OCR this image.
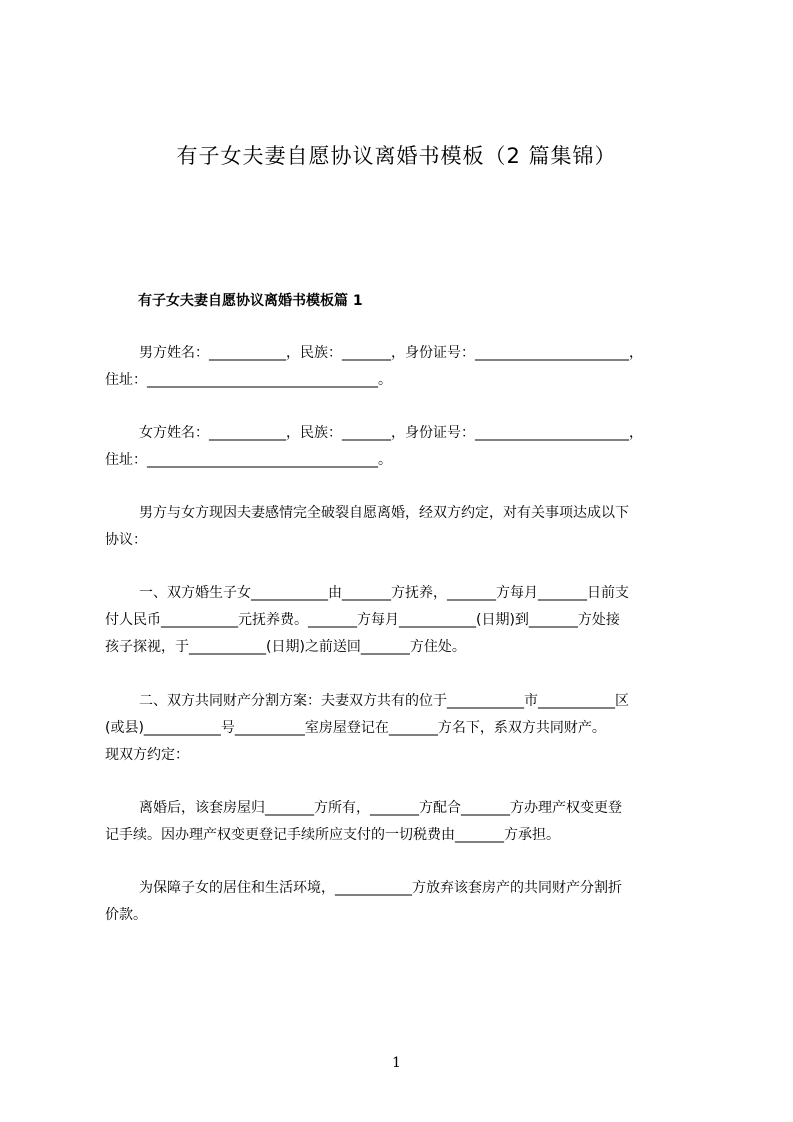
有子女夫妻自愿协议离婚书模板（2 篇集锦）
有子女夫妻自愿协议离婚书模板篇 1
男方姓名：___________，民族：_______，身份证号：______________________，
住址：_________________________________。
女方姓名：___________，民族：_______，身份证号：______________________，
住址：_________________________________。
男方与女方现因夫妻感情完全破裂自愿离婚，经双方约定，对有关事项达成以下
协议：
一、双方婚生子女___________由_______方抚养，_______方每月_______日前支
付人民币___________元抚养费。_______方每月___________(日期)到_______方处接
孩子探视，于___________(日期)之前送回_______方住处。
二、双方共同财产分割方案：夫妻双方共有的位于___________市___________区
(或县)___________号__________室房屋登记在_______方名下，系双方共同财产。
现双方约定：
离婚后，该套房屋归_______方所有，_______方配合_______方办理产权变更登
记手续。因办理产权变更登记手续所应支付的一切税费由_______方承担。
为保障子女的居住和生活环境，___________方放弃该套房产的共同财产分割折
价款。
1
